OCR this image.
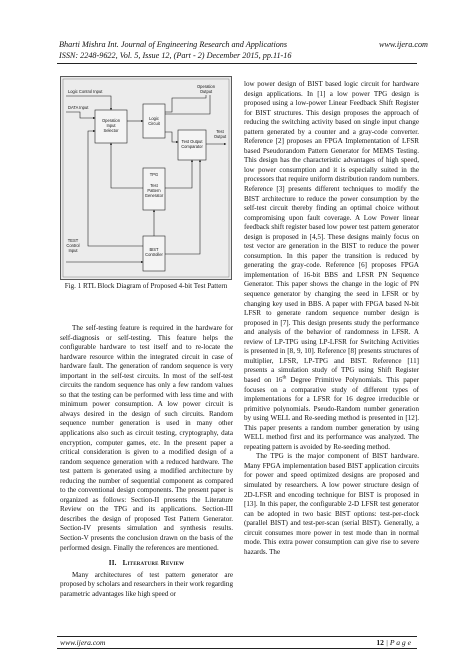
Bharti Mishra Int. Journal of Engineering Research and Applications	www.ijera.com
ISSN: 2248-9622, Vol. 5, Issue 12, (Part - 2) December 2015, pp.11-16
Operation
Input
Selector
Logic
Circuit
Test Output
Comparator
TPG
Test
Pattern
Generator
BIST
Controller
Logic Control Input
DATA Input
Operation
Output
Test
Output
TEST
Control
Input
Fig. 1 RTL Block Diagram of Proposed 4-bit Test Pattern

The self-testing feature is required in the hardware for self-diagnosis or self-testing. This feature helps the configurable hardware to test itself and to re-locate the hardware resource within the integrated circuit in case of hardware fault. The generation of random sequence is very important in the self-test circuits. In most of the self-test circuits the random sequence has only a few random values so that the testing can be performed with less time and with minimum power consumption. A low power circuit is always desired in the design of such circuits. Random sequence number generation is used in many other applications also such as circuit testing, cryptography, data encryption, computer games, etc. In the present paper a critical consideration is given to a modified design of a random sequence generation with a reduced hardware. The test pattern is generated using a modified architecture by reducing the number of sequential component as compared to the conventional design components. The present paper is organized as follows: Section-II presents the Literature Review on the TPG and its applications. Section-III describes the design of proposed Test Pattern Generator. Section-IV presents simulation and synthesis results. Section-V presents the conclusion drawn on the basis of the performed design. Finally the references are mentioned.

II. Literature Review

Many architectures of test pattern generator are proposed by scholars and researchers in their work regarding parametric advantages like high speed or

low power design of BIST based logic circuit for hardware design applications. In [1] a low power TPG design is proposed using a low-power Linear Feedback Shift Register for BIST structures. This design proposes the approach of reducing the switching activity based on single input change pattern generated by a counter and a gray-code converter. Reference [2] proposes an FPGA Implementation of LFSR based Pseudorandom Pattern Generator for MEMS Testing. This design has the characteristic advantages of high speed, low power consumption and it is especially suited in the processors that require uniform distribution random numbers. Reference [3] presents different techniques to modify the BIST architecture to reduce the power consumption by the self-test circuit thereby finding an optimal choice without compromising upon fault coverage. A Low Power linear feedback shift register based low power test pattern generator design is proposed in [4,5]. These designs mainly focus on test vector are generation in the BIST to reduce the power consumption. In this paper the transition is reduced by generating the gray-code. Reference [6] proposes FPGA implementation of 16-bit BBS and LFSR PN Sequence Generator. This paper shows the change in the logic of PN sequence generator by changing the seed in LFSR or by changing key used in BBS. A paper with FPGA based N-bit LFSR to generate random sequence number design is proposed in [7]. This design presents study the performance and analysis of the behavior of randomness in LFSR. A review of LP-TPG using LP-LFSR for Switching Activities is presented in [8, 9, 10]. Reference [8] presents structures of multiplier, LFSR, LP-TPG and BIST. Reference [11] presents a simulation study of TPG using Shift Register based on 16th Degree Primitive Polynomials. This paper focuses on a comparative study of different types of implementations for a LFSR for 16 degree irreducible or primitive polynomials. Pseudo-Random number generation by using WELL and Re-seeding method is presented in [12]. This paper presents a random number generation by using WELL method first and its performance was analyzed. The repeating pattern is avoided by Re-seeding method.

The TPG is the major component of BIST hardware. Many FPGA implementation based BIST application circuits for power and speed optimized designs are proposed and simulated by researchers. A low power structure design of 2D-LFSR and encoding technique for BIST is proposed in [13]. In this paper, the configurable 2-D LFSR test generator can be adopted in two basic BIST options: test-per-clock (parallel BIST) and test-per-scan (serial BIST). Generally, a circuit consumes more power in test mode than in normal mode. This extra power consumption can give rise to severe hazards. The

www.ijera.com	12 | P a g e
